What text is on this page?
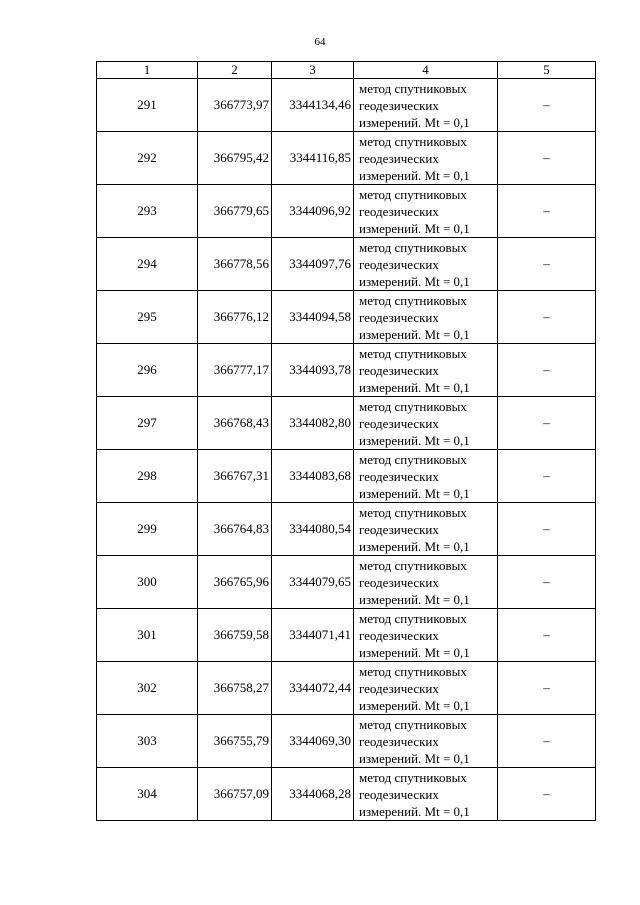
64
1	2	3	4	5
291	366773,97	3344134,46	метод спутниковых
геодезических
измерений. Mt = 0,1	–
292	366795,42	3344116,85	метод спутниковых
геодезических
измерений. Mt = 0,1	–
293	366779,65	3344096,92	метод спутниковых
геодезических
измерений. Mt = 0,1	–
294	366778,56	3344097,76	метод спутниковых
геодезических
измерений. Mt = 0,1	–
295	366776,12	3344094,58	метод спутниковых
геодезических
измерений. Mt = 0,1	–
296	366777,17	3344093,78	метод спутниковых
геодезических
измерений. Mt = 0,1	–
297	366768,43	3344082,80	метод спутниковых
геодезических
измерений. Mt = 0,1	–
298	366767,31	3344083,68	метод спутниковых
геодезических
измерений. Mt = 0,1	–
299	366764,83	3344080,54	метод спутниковых
геодезических
измерений. Mt = 0,1	–
300	366765,96	3344079,65	метод спутниковых
геодезических
измерений. Mt = 0,1	–
301	366759,58	3344071,41	метод спутниковых
геодезических
измерений. Mt = 0,1	–
302	366758,27	3344072,44	метод спутниковых
геодезических
измерений. Mt = 0,1	–
303	366755,79	3344069,30	метод спутниковых
геодезических
измерений. Mt = 0,1	–
304	366757,09	3344068,28	метод спутниковых
геодезических
измерений. Mt = 0,1	–
